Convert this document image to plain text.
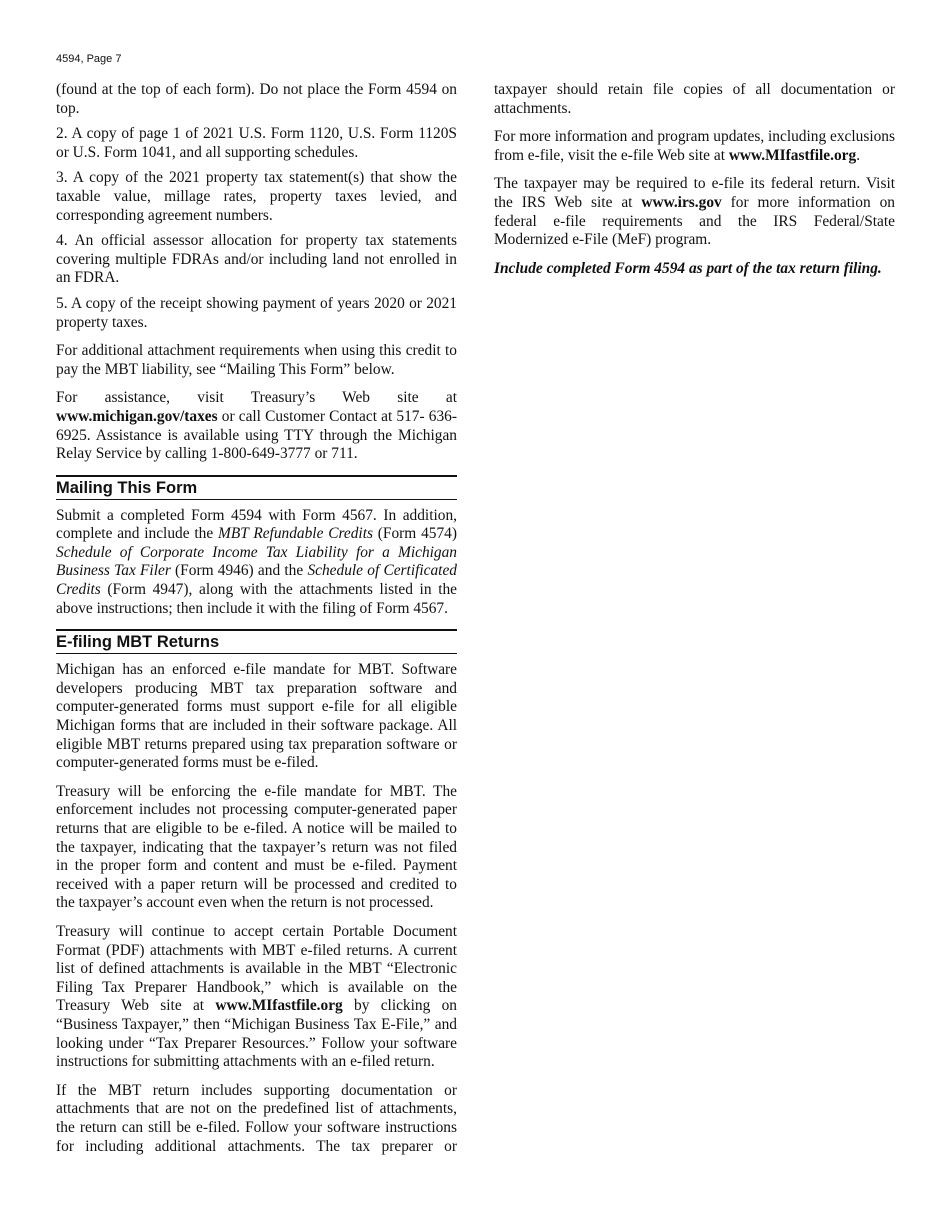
4594, Page 7

(found at the top of each form). Do not place the Form 4594 on top.

2. A copy of page 1 of 2021 U.S. Form 1120, U.S. Form 1120S or U.S. Form 1041, and all supporting schedules.

3. A copy of the 2021 property tax statement(s) that show the taxable value, millage rates, property taxes levied, and corresponding agreement numbers.

4. An official assessor allocation for property tax statements covering multiple FDRAs and/or including land not enrolled in an FDRA.

5. A copy of the receipt showing payment of years 2020 or 2021 property taxes.

For additional attachment requirements when using this credit to pay the MBT liability, see “Mailing This Form” below.

For assistance, visit Treasury’s Web site at
www.michigan.gov/taxes or call Customer Contact at 517- 636-6925. Assistance is available using TTY through the Michigan Relay Service by calling 1-800-649-3777 or 711.

Mailing This Form

Submit a completed Form 4594 with Form 4567. In addition, complete and include the MBT Refundable Credits (Form 4574) Schedule of Corporate Income Tax Liability for a Michigan Business Tax Filer (Form 4946) and the Schedule of Certificated Credits (Form 4947), along with the attachments listed in the above instructions; then include it with the filing of Form 4567.

E-filing MBT Returns

Michigan has an enforced e-file mandate for MBT. Software developers producing MBT tax preparation software and computer-generated forms must support e-file for all eligible Michigan forms that are included in their software package. All eligible MBT returns prepared using tax preparation software or computer-generated forms must be e-filed.

Treasury will be enforcing the e-file mandate for MBT. The enforcement includes not processing computer-generated paper returns that are eligible to be e-filed. A notice will be mailed to the taxpayer, indicating that the taxpayer’s return was not filed in the proper form and content and must be e-filed. Payment received with a paper return will be processed and credited to the taxpayer’s account even when the return is not processed.

Treasury will continue to accept certain Portable Document Format (PDF) attachments with MBT e-filed returns. A current list of defined attachments is available in the MBT “Electronic Filing Tax Preparer Handbook,” which is available on the Treasury Web site at www.MIfastfile.org by clicking on “Business Taxpayer,” then “Michigan Business Tax E-File,” and looking under “Tax Preparer Resources.” Follow your software instructions for submitting attachments with an e-filed return.

If the MBT return includes supporting documentation or attachments that are not on the predefined list of attachments, the return can still be e-filed. Follow your software instructions for including additional attachments. The tax preparer or

taxpayer should retain file copies of all documentation or attachments.

For more information and program updates, including exclusions from e-file, visit the e-file Web site at www.MIfastfile.org.

The taxpayer may be required to e-file its federal return. Visit the IRS Web site at www.irs.gov for more information on federal e-file requirements and the IRS Federal/State Modernized e-File (MeF) program.

Include completed Form 4594 as part of the tax return filing.
